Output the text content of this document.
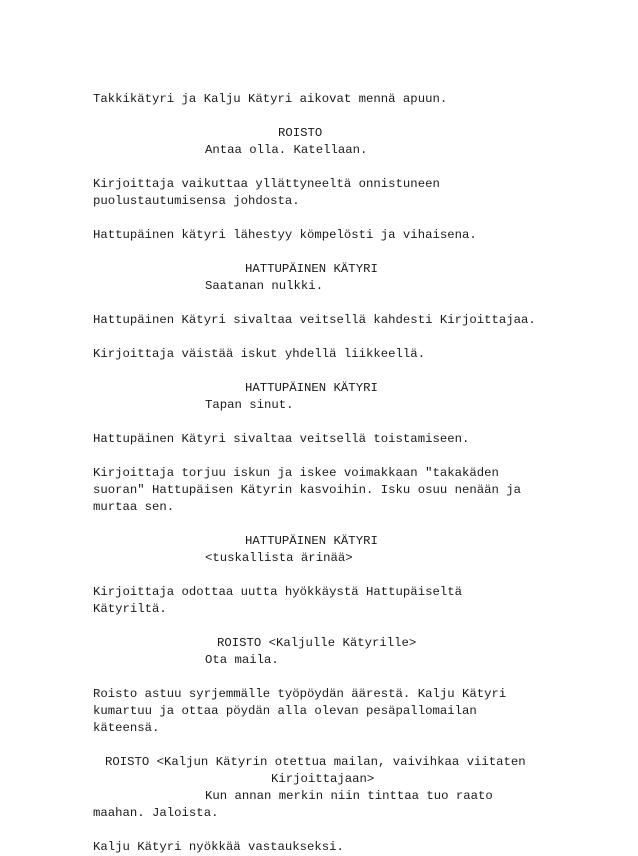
Takkikätyri ja Kalju Kätyri aikovat mennä apuun.

ROISTO

Antaa olla. Katellaan.

Kirjoittaja vaikuttaa yllättyneeltä onnistuneen

puolustautumisensa johdosta.

Hattupäinen kätyri lähestyy kömpelösti ja vihaisena.

HATTUPÄINEN KÄTYRI

Saatanan nulkki.

Hattupäinen Kätyri sivaltaa veitsellä kahdesti Kirjoittajaa.

Kirjoittaja väistää iskut yhdellä liikkeellä.

HATTUPÄINEN KÄTYRI

Tapan sinut.

Hattupäinen Kätyri sivaltaa veitsellä toistamiseen.

Kirjoittaja torjuu iskun ja iskee voimakkaan "takakäden

suoran" Hattupäisen Kätyrin kasvoihin. Isku osuu nenään ja

murtaa sen.

HATTUPÄINEN KÄTYRI

<tuskallista ärinää>

Kirjoittaja odottaa uutta hyökkäystä Hattupäiseltä

Kätyriltä.

ROISTO <Kaljulle Kätyrille>

Ota maila.

Roisto astuu syrjemmälle työpöydän äärestä. Kalju Kätyri

kumartuu ja ottaa pöydän alla olevan pesäpallomailan

käteensä.

ROISTO <Kaljun Kätyrin otettua mailan, vaivihkaa viitaten

Kirjoittajaan>

Kun annan merkin niin tinttaa tuo raato

maahan. Jaloista.

Kalju Kätyri nyökkää vastaukseksi.
